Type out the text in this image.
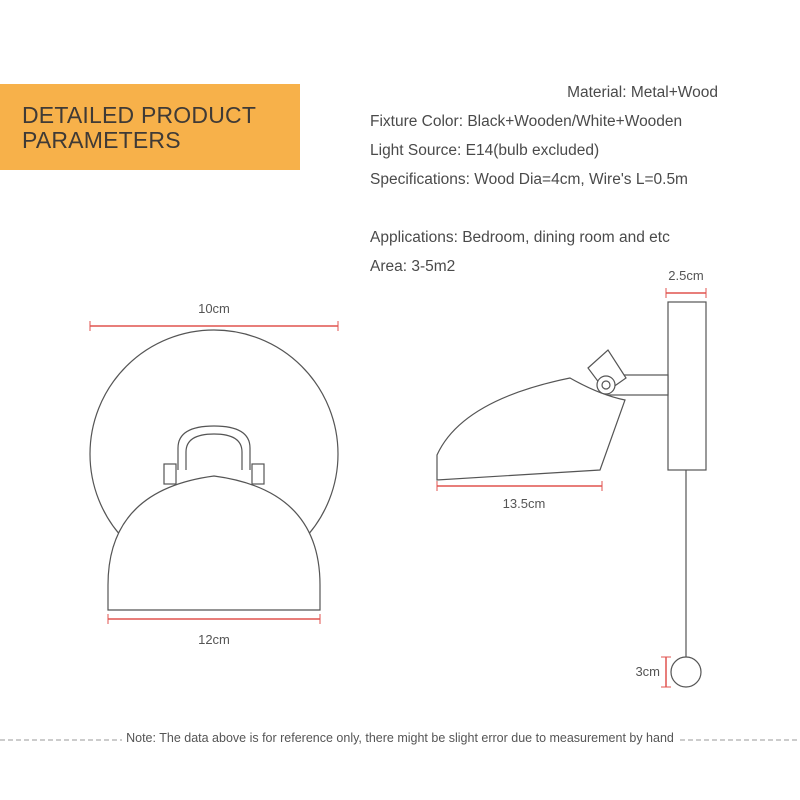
DETAILED PRODUCT PARAMETERS
Material: Metal+Wood
Fixture Color: Black+Wooden/White+Wooden
Light Source: E14(bulb excluded)
Specifications: Wood Dia=4cm, Wire's L=0.5m
Applications: Bedroom, dining room and etc
Area: 3-5m2
10cm
12cm
2.5cm
13.5cm
3cm
Note: The data above is for reference only, there might be slight error due to measurement by hand
